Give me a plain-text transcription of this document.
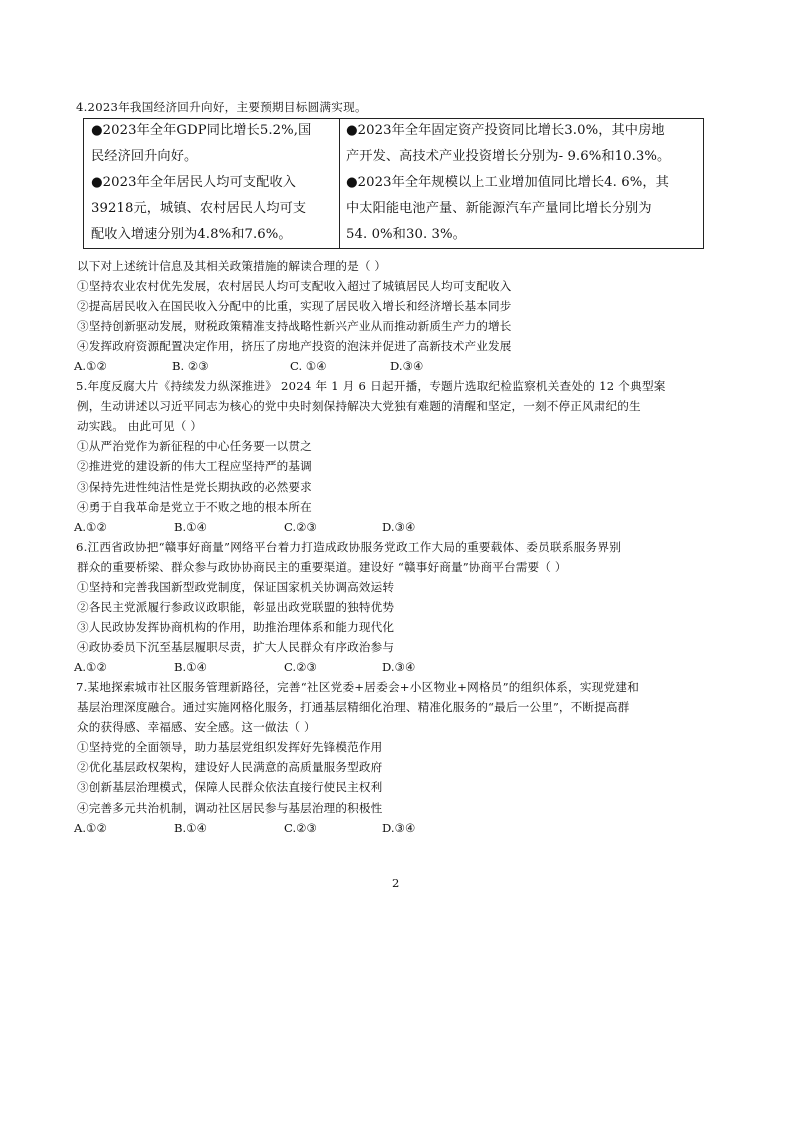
4.2023年我国经济回升向好，主要预期目标圆满实现。
●2023年全年GDP同比增长5.2%,国
民经济回升向好。
●2023年全年居民人均可支配收入
39218元，城镇、农村居民人均可支
配收入增速分别为4.8%和7.6%。
●2023年全年固定资产投资同比增长3.0%，其中房地
产开发、高技术产业投资增长分别为- 9.6%和10.3%。
●2023年全年规模以上工业增加值同比增长4. 6%，其
中太阳能电池产量、新能源汽车产量同比增长分别为
54. 0%和30. 3%。
以下对上述统计信息及其相关政策措施的解读合理的是（ ）
①坚持农业农村优先发展，农村居民人均可支配收入超过了城镇居民人均可支配收入
②提高居民收入在国民收入分配中的比重，实现了居民收入增长和经济增长基本同步
③坚持创新驱动发展，财税政策精准支持战略性新兴产业从而推动新质生产力的增长
④发挥政府资源配置决定作用，挤压了房地产投资的泡沫并促进了高新技术产业发展
A.①②	B. ②③	C. ①④	D.③④
5.年度反腐大片《持续发力纵深推进》 2024 年 1 月 6 日起开播，专题片选取纪检监察机关查处的 12 个典型案
例，生动讲述以习近平同志为核心的党中央时刻保持解决大党独有难题的清醒和坚定，一刻不停正风肃纪的生
动实践。 由此可见（ ）
①从严治党作为新征程的中心任务要一以贯之
②推进党的建设新的伟大工程应坚持严的基调
③保持先进性纯洁性是党长期执政的必然要求
④勇于自我革命是党立于不败之地的根本所在
A.①②	B.①④	C.②③	D.③④
6.江西省政协把“赣事好商量”网络平台着力打造成政协服务党政工作大局的重要载体、委员联系服务界别
群众的重要桥梁、群众参与政协协商民主的重要渠道。建设好 “赣事好商量”协商平台需要（ ）
①坚持和完善我国新型政党制度，保证国家机关协调高效运转
②各民主党派履行参政议政职能，彰显出政党联盟的独特优势
③人民政协发挥协商机构的作用，助推治理体系和能力现代化
④政协委员下沉至基层履职尽责，扩大人民群众有序政治参与
A.①②	B.①④	C.②③	D.③④
7.某地探索城市社区服务管理新路径，完善“社区党委+居委会+小区物业+网格员”的组织体系，实现党建和
基层治理深度融合。通过实施网格化服务，打通基层精细化治理、精准化服务的“最后一公里”，不断提高群
众的获得感、幸福感、安全感。这一做法（ ）
①坚持党的全面领导，助力基层党组织发挥好先锋模范作用
②优化基层政权架构，建设好人民满意的高质量服务型政府
③创新基层治理模式，保障人民群众依法直接行使民主权利
④完善多元共治机制，调动社区居民参与基层治理的积极性
A.①②	B.①④	C.②③	D.③④
2
